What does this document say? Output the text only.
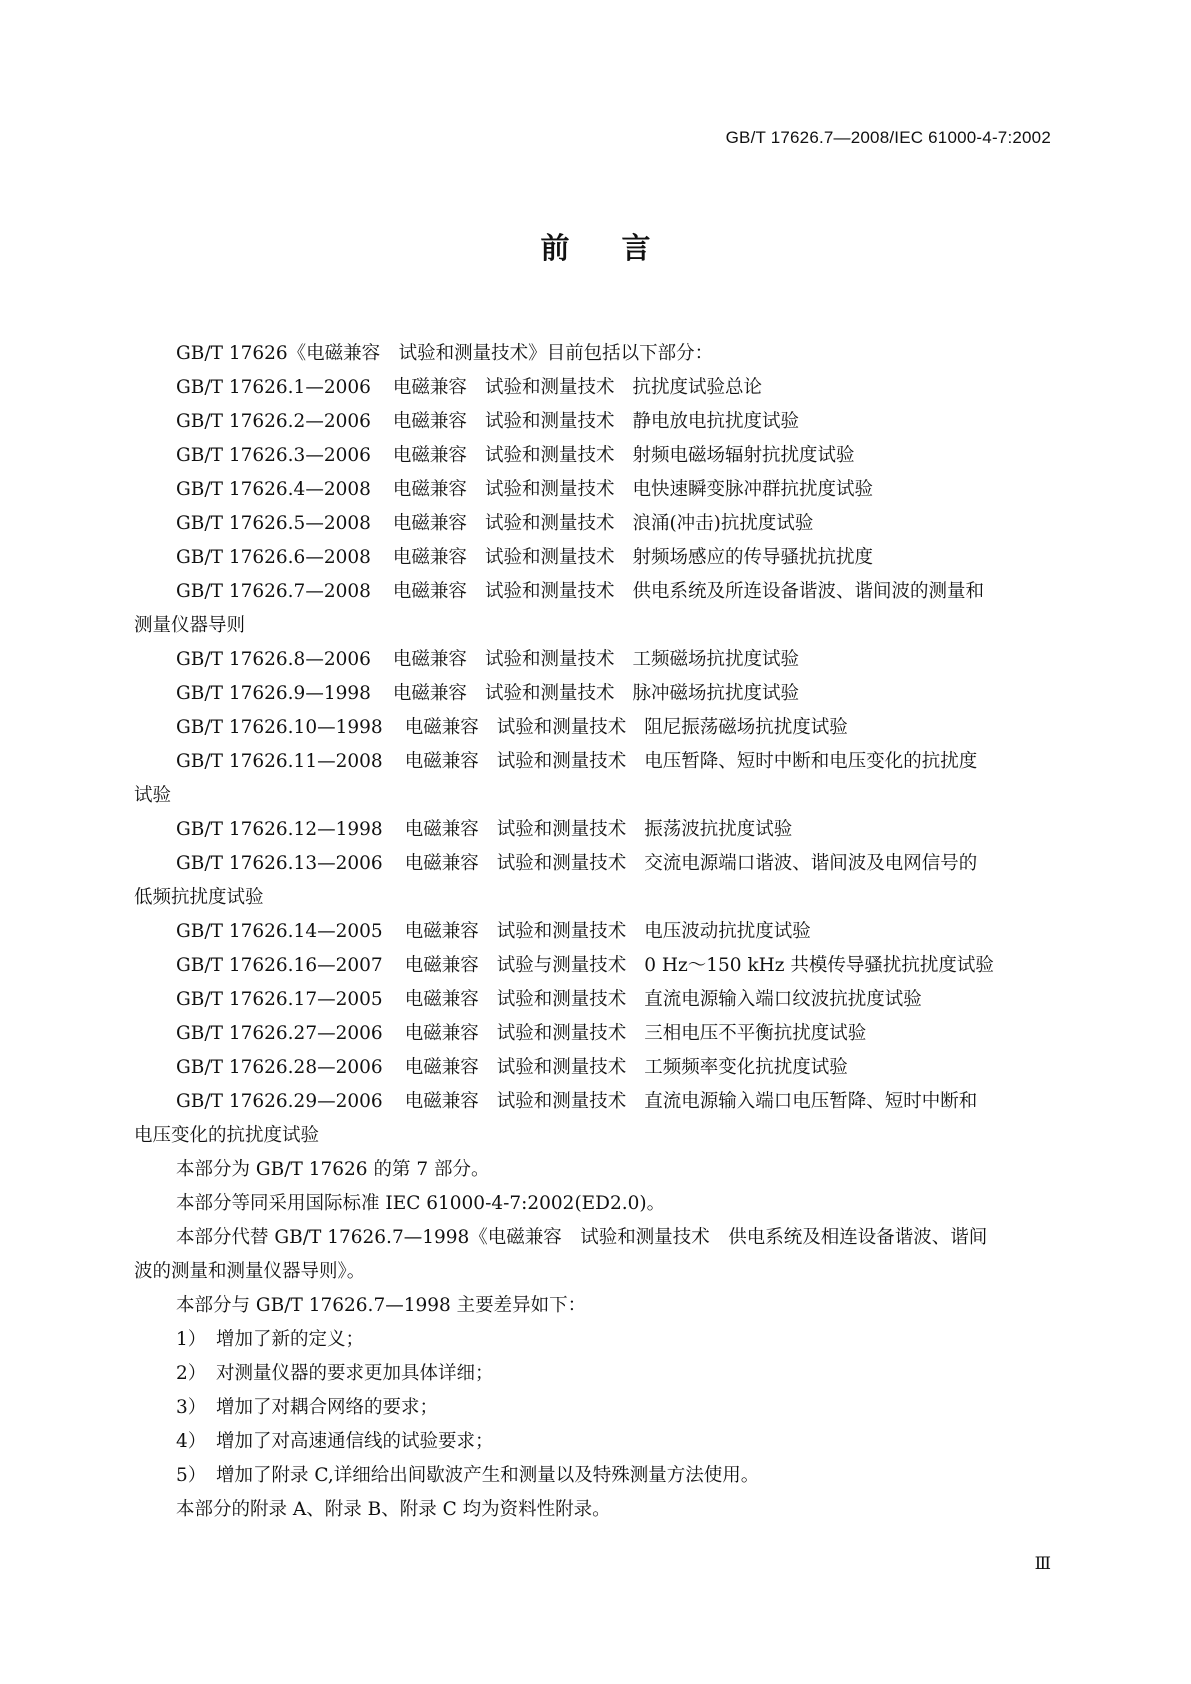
GB/T 17626.7—2008/IEC 61000-4-7:2002
前言
GB/T 17626《电磁兼容　试验和测量技术》目前包括以下部分：
GB/T 17626.1—2006 电磁兼容 试验和测量技术 抗扰度试验总论
GB/T 17626.2—2006 电磁兼容 试验和测量技术 静电放电抗扰度试验
GB/T 17626.3—2006 电磁兼容 试验和测量技术 射频电磁场辐射抗扰度试验
GB/T 17626.4—2008 电磁兼容 试验和测量技术 电快速瞬变脉冲群抗扰度试验
GB/T 17626.5—2008 电磁兼容 试验和测量技术 浪涌(冲击)抗扰度试验
GB/T 17626.6—2008 电磁兼容 试验和测量技术 射频场感应的传导骚扰抗扰度
GB/T 17626.7—2008 电磁兼容 试验和测量技术 供电系统及所连设备谐波、谐间波的测量和
测量仪器导则
GB/T 17626.8—2006 电磁兼容 试验和测量技术 工频磁场抗扰度试验
GB/T 17626.9—1998 电磁兼容 试验和测量技术 脉冲磁场抗扰度试验
GB/T 17626.10—1998 电磁兼容 试验和测量技术 阻尼振荡磁场抗扰度试验
GB/T 17626.11—2008 电磁兼容 试验和测量技术 电压暂降、短时中断和电压变化的抗扰度
试验
GB/T 17626.12—1998 电磁兼容 试验和测量技术 振荡波抗扰度试验
GB/T 17626.13—2006 电磁兼容 试验和测量技术 交流电源端口谐波、谐间波及电网信号的
低频抗扰度试验
GB/T 17626.14—2005 电磁兼容 试验和测量技术 电压波动抗扰度试验
GB/T 17626.16—2007 电磁兼容 试验与测量技术 0 Hz～150 kHz 共模传导骚扰抗扰度试验
GB/T 17626.17—2005 电磁兼容 试验和测量技术 直流电源输入端口纹波抗扰度试验
GB/T 17626.27—2006 电磁兼容 试验和测量技术 三相电压不平衡抗扰度试验
GB/T 17626.28—2006 电磁兼容 试验和测量技术 工频频率变化抗扰度试验
GB/T 17626.29—2006 电磁兼容 试验和测量技术 直流电源输入端口电压暂降、短时中断和
电压变化的抗扰度试验
本部分为 GB/T 17626 的第 7 部分。
本部分等同采用国际标准 IEC 61000-4-7:2002(ED2.0)。
本部分代替 GB/T 17626.7—1998《电磁兼容　试验和测量技术　供电系统及相连设备谐波、谐间
波的测量和测量仪器导则》。
本部分与 GB/T 17626.7—1998 主要差异如下：
1） 增加了新的定义；
2） 对测量仪器的要求更加具体详细；
3） 增加了对耦合网络的要求；
4） 增加了对高速通信线的试验要求；
5） 增加了附录 C,详细给出间歇波产生和测量以及特殊测量方法使用。
本部分的附录 A、附录 B、附录 C 均为资料性附录。
Ⅲ
